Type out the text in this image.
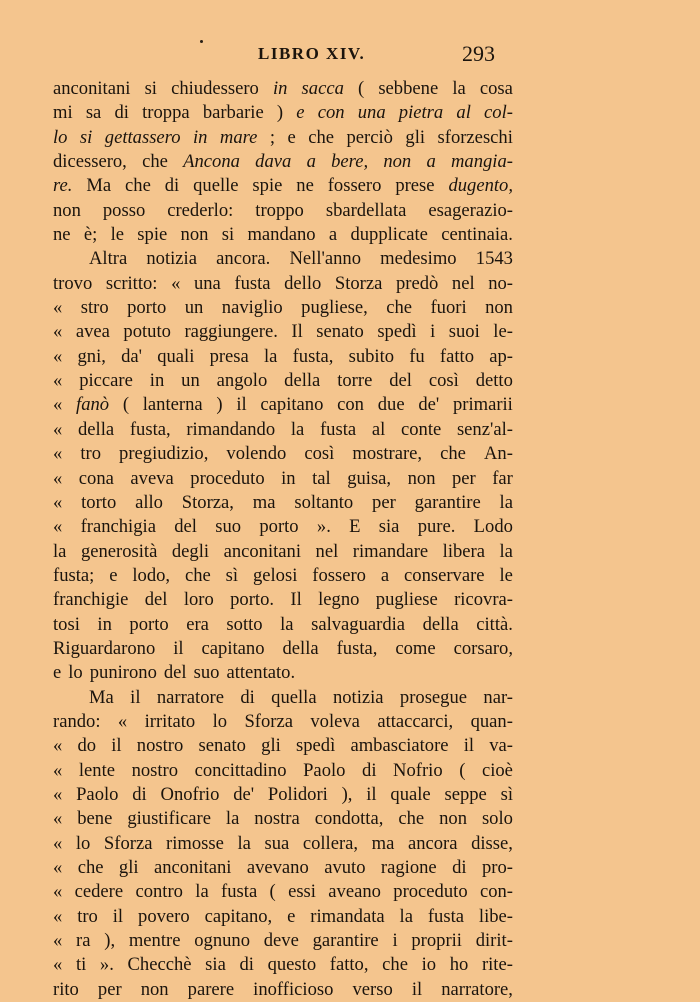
LIBRO XIV.	293
anconitani si chiudessero in sacca ( sebbene la cosa
mi sa di troppa barbarie ) e con una pietra al col-
lo si gettassero in mare ; e che perciò gli sforzeschi
dicessero, che Ancona dava a bere, non a mangia-
re. Ma che di quelle spie ne fossero prese dugento,
non posso crederlo: troppo sbardellata esagerazio-
ne è; le spie non si mandano a dupplicate centinaia.
Altra notizia ancora. Nell'anno medesimo 1543
trovo scritto: « una fusta dello Storza predò nel no-
« stro porto un naviglio pugliese, che fuori non
« avea potuto raggiungere. Il senato spedì i suoi le-
« gni, da' quali presa la fusta, subito fu fatto ap-
« piccare in un angolo della torre del così detto
« fanò ( lanterna ) il capitano con due de' primarii
« della fusta, rimandando la fusta al conte senz'al-
« tro pregiudizio, volendo così mostrare, che An-
« cona aveva proceduto in tal guisa, non per far
« torto allo Storza, ma soltanto per garantire la
« franchigia del suo porto ». E sia pure. Lodo
la generosità degli anconitani nel rimandare libera la
fusta; e lodo, che sì gelosi fossero a conservare le
franchigie del loro porto. Il legno pugliese ricovra-
tosi in porto era sotto la salvaguardia della città.
Riguardarono il capitano della fusta, come corsaro,
e lo punirono del suo attentato.
Ma il narratore di quella notizia prosegue nar-
rando: « irritato lo Sforza voleva attaccarci, quan-
« do il nostro senato gli spedì ambasciatore il va-
« lente nostro concittadino Paolo di Nofrio ( cioè
« Paolo di Onofrio de' Polidori ), il quale seppe sì
« bene giustificare la nostra condotta, che non solo
« lo Sforza rimosse la sua collera, ma ancora disse,
« che gli anconitani avevano avuto ragione di pro-
« cedere contro la fusta ( essi aveano proceduto con-
« tro il povero capitano, e rimandata la fusta libe-
« ra ), mentre ognuno deve garantire i proprii dirit-
« ti ». Checchè sia di questo fatto, che io ho rite-
rito per non parere inofficioso verso il narratore,
